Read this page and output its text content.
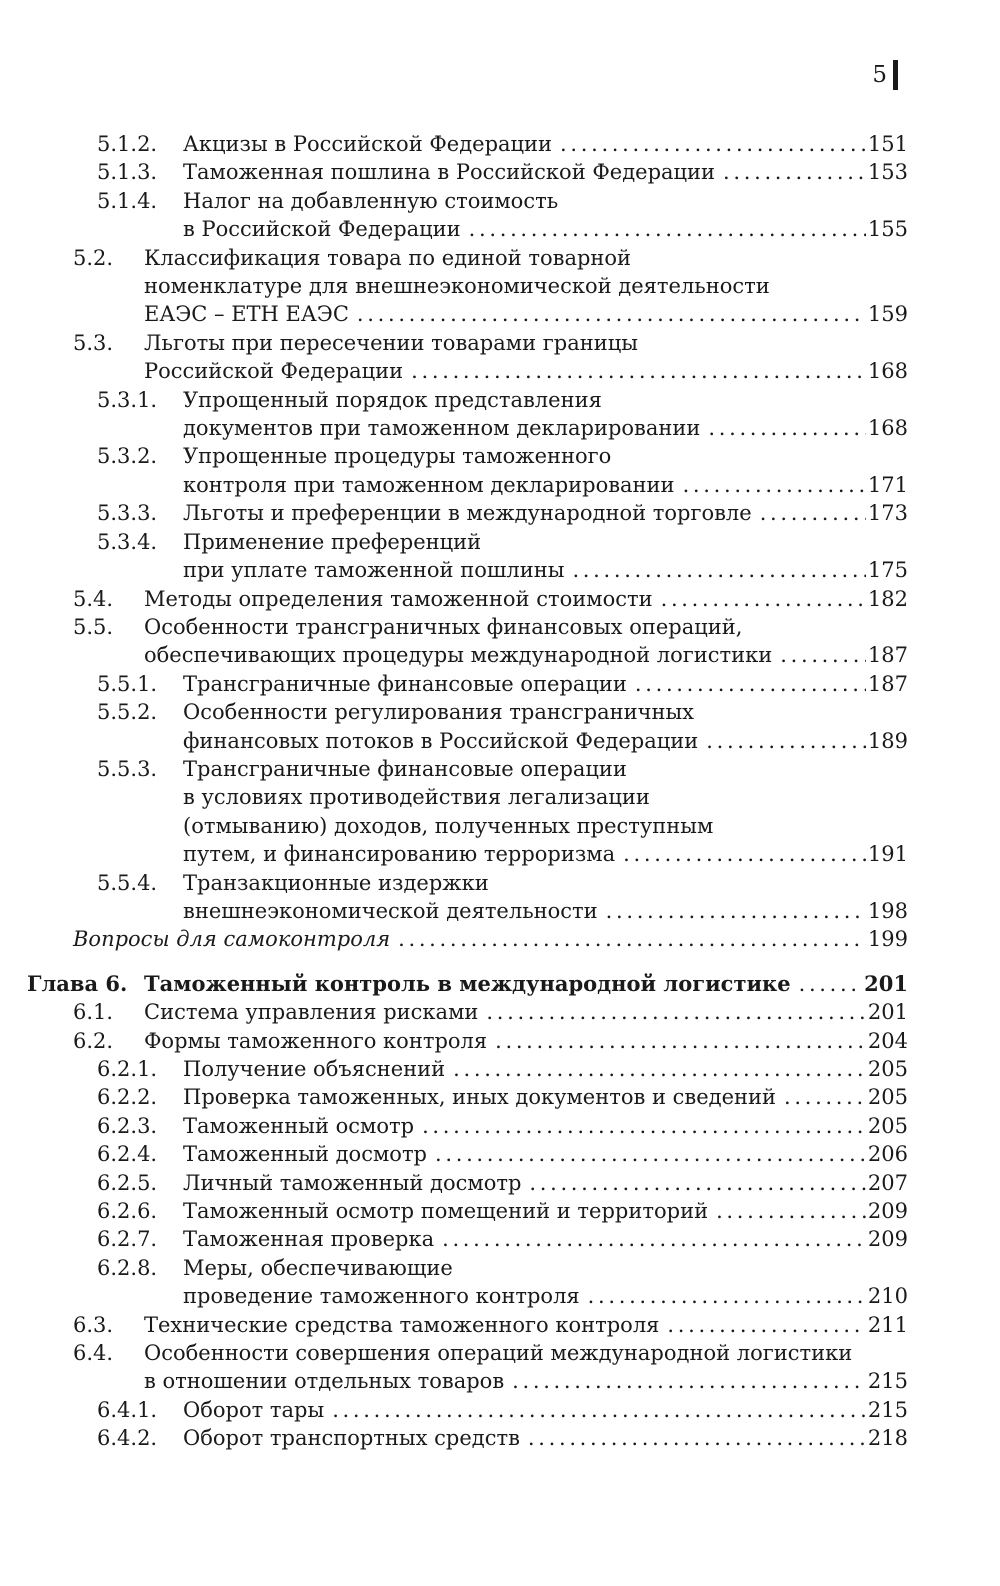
5
5.1.2. Акцизы в Российской Федерации . . .	151
5.1.3. Таможенная пошлина в Российской Федерации . . .	153
5.1.4. Налог на добавленную стоимость
в Российской Федерации . . .	155
5.2. Классификация товара по единой товарной
номенклатуре для внешнеэкономической деятельности
ЕАЭС – ЕТН ЕАЭС . . .	159
5.3. Льготы при пересечении товарами границы
Российской Федерации . . .	168
5.3.1. Упрощенный порядок представления
документов при таможенном декларировании . . .	168
5.3.2. Упрощенные процедуры таможенного
контроля при таможенном декларировании . . .	171
5.3.3. Льготы и преференции в международной торговле . . .	173
5.3.4. Применение преференций
при уплате таможенной пошлины . . .	175
5.4. Методы определения таможенной стоимости . . .	182
5.5. Особенности трансграничных финансовых операций,
обеспечивающих процедуры международной логистики . . .	187
5.5.1. Трансграничные финансовые операции . . .	187
5.5.2. Особенности регулирования трансграничных
финансовых потоков в Российской Федерации . . .	189
5.5.3. Трансграничные финансовые операции
в условиях противодействия легализации
(отмыванию) доходов, полученных преступным
путем, и финансированию терроризма . . .	191
5.5.4. Транзакционные издержки
внешнеэкономической деятельности . . .	198
Вопросы для самоконтроля . . .	199
Глава 6. Таможенный контроль в международной логистике . . .	201
6.1. Система управления рисками . . .	201
6.2. Формы таможенного контроля . . .	204
6.2.1. Получение объяснений . . .	205
6.2.2. Проверка таможенных, иных документов и сведений . . .	205
6.2.3. Таможенный осмотр . . .	205
6.2.4. Таможенный досмотр . . .	206
6.2.5. Личный таможенный досмотр . . .	207
6.2.6. Таможенный осмотр помещений и территорий . . .	209
6.2.7. Таможенная проверка . . .	209
6.2.8. Меры, обеспечивающие
проведение таможенного контроля . . .	210
6.3. Технические средства таможенного контроля . . .	211
6.4. Особенности совершения операций международной логистики
в отношении отдельных товаров . . .	215
6.4.1. Оборот тары . . .	215
6.4.2. Оборот транспортных средств . . .	218
